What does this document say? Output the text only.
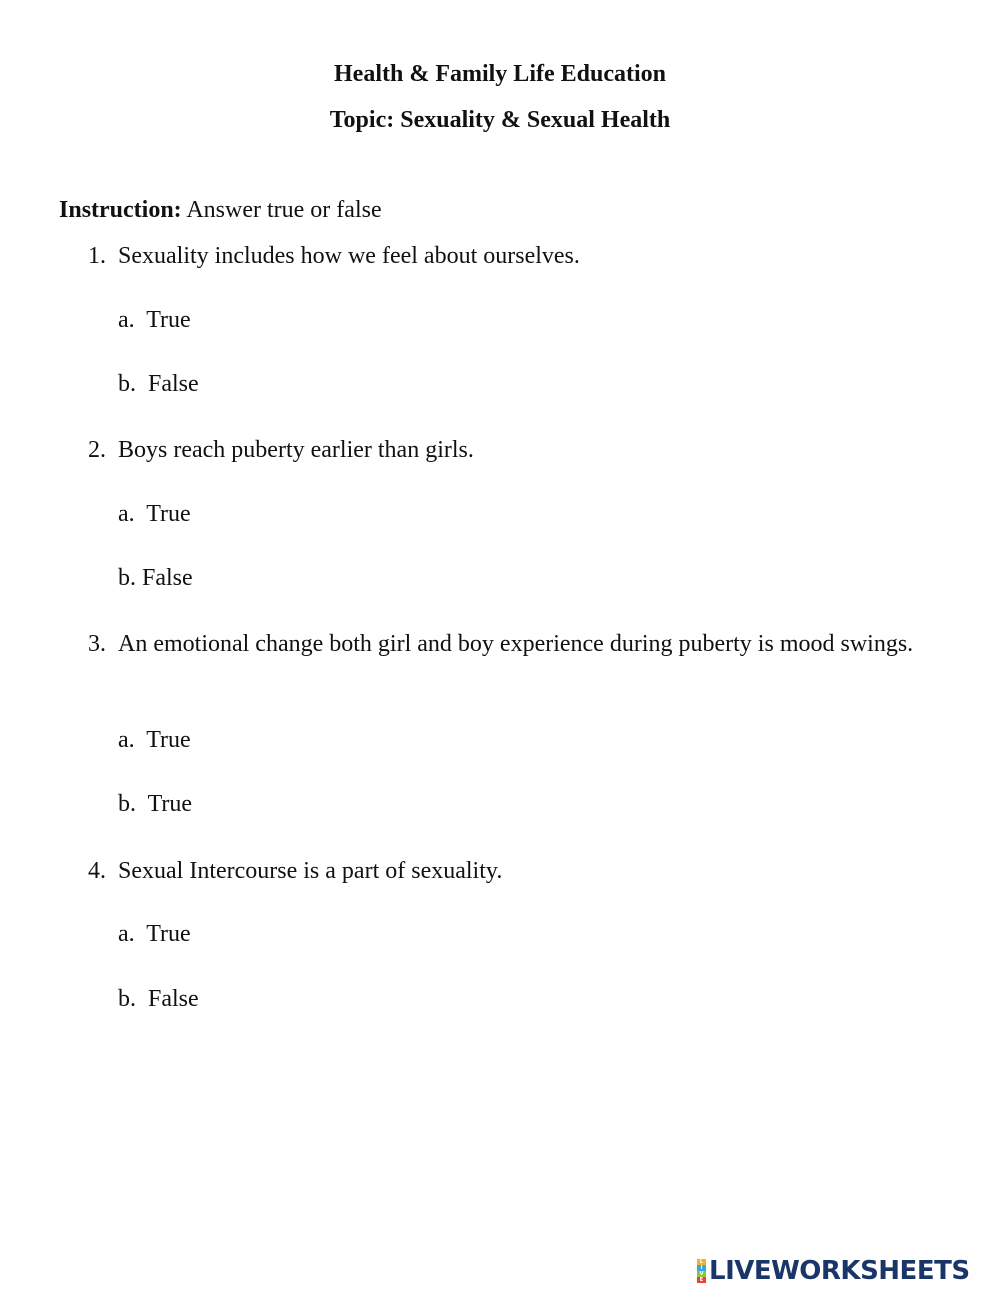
Health & Family Life Education
Topic: Sexuality & Sexual Health
Instruction: Answer true or false
1. Sexuality includes how we feel about ourselves.
a.  True
b.  False
2. Boys reach puberty earlier than girls.
a.  True
b. False
3. An emotional change both girl and boy experience during puberty is mood swings.
a.  True
b.  True
4. Sexual Intercourse is a part of sexuality.
a.  True
b.  False
L
I
V
E LIVEWORKSHEETS
